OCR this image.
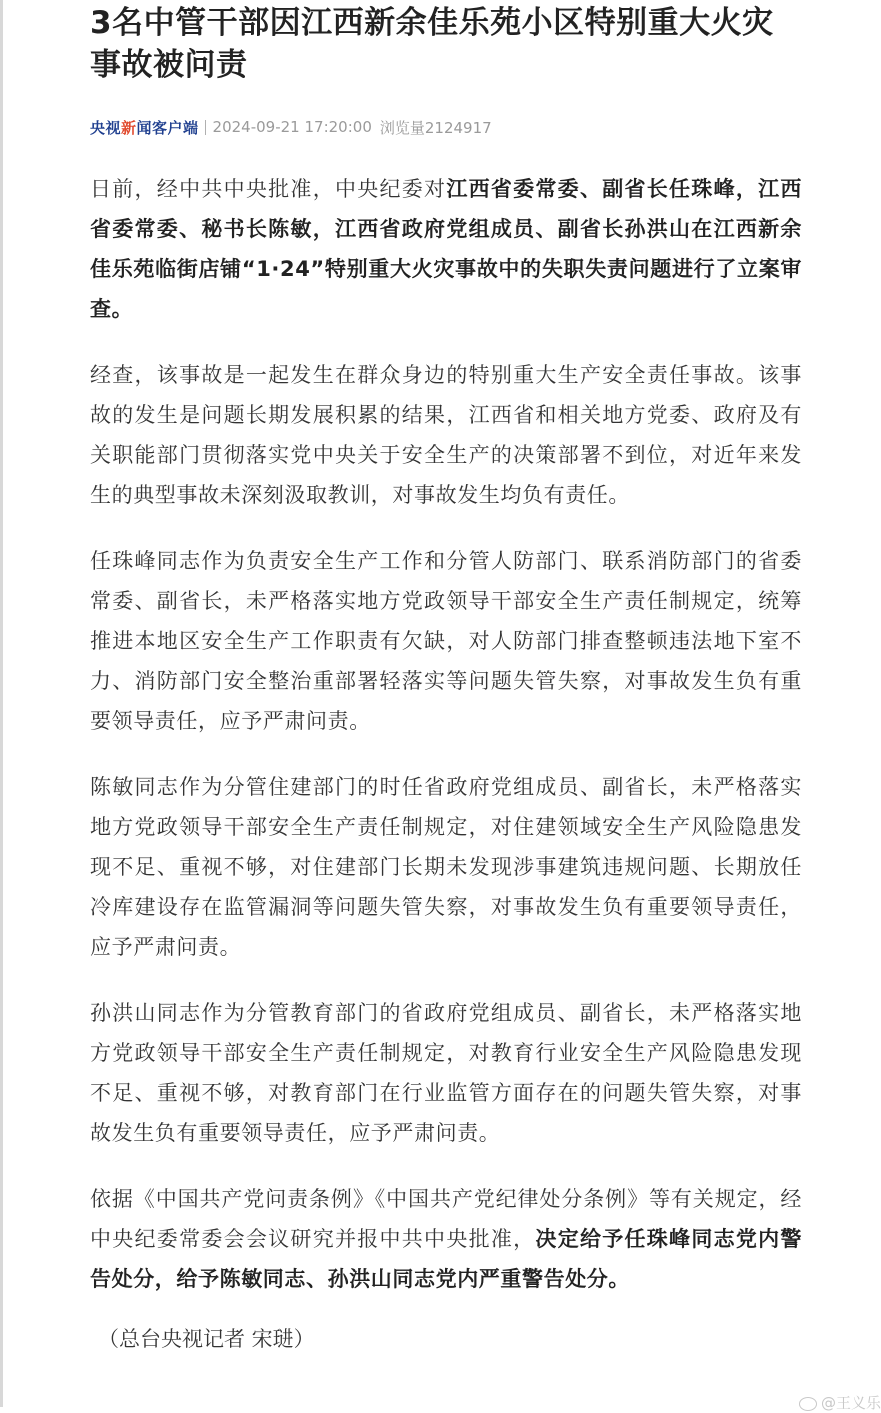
3名中管干部因江西新余佳乐苑小区特别重大火灾事故被问责
央视新闻客户端 2024-09-21 17:20:00 浏览量2124917

日前，经中共中央批准，中央纪委对江西省委常委、副省长任珠峰，江西省委常委、秘书长陈敏，江西省政府党组成员、副省长孙洪山在江西新余佳乐苑临街店铺“1·24”特别重大火灾事故中的失职失责问题进行了立案审查。

经查，该事故是一起发生在群众身边的特别重大生产安全责任事故。该事故的发生是问题长期发展积累的结果，江西省和相关地方党委、政府及有关职能部门贯彻落实党中央关于安全生产的决策部署不到位，对近年来发生的典型事故未深刻汲取教训，对事故发生均负有责任。

任珠峰同志作为负责安全生产工作和分管人防部门、联系消防部门的省委常委、副省长，未严格落实地方党政领导干部安全生产责任制规定，统筹推进本地区安全生产工作职责有欠缺，对人防部门排查整顿违法地下室不力、消防部门安全整治重部署轻落实等问题失管失察，对事故发生负有重要领导责任，应予严肃问责。

陈敏同志作为分管住建部门的时任省政府党组成员、副省长，未严格落实地方党政领导干部安全生产责任制规定，对住建领域安全生产风险隐患发现不足、重视不够，对住建部门长期未发现涉事建筑违规问题、长期放任冷库建设存在监管漏洞等问题失管失察，对事故发生负有重要领导责任，应予严肃问责。

孙洪山同志作为分管教育部门的省政府党组成员、副省长，未严格落实地方党政领导干部安全生产责任制规定，对教育行业安全生产风险隐患发现不足、重视不够，对教育部门在行业监管方面存在的问题失管失察，对事故发生负有重要领导责任，应予严肃问责。

依据《中国共产党问责条例》《中国共产党纪律处分条例》等有关规定，经中央纪委常委会会议研究并报中共中央批准，决定给予任珠峰同志党内警告处分，给予陈敏同志、孙洪山同志党内严重警告处分。

（总台央视记者 宋琎）
@王义乐
